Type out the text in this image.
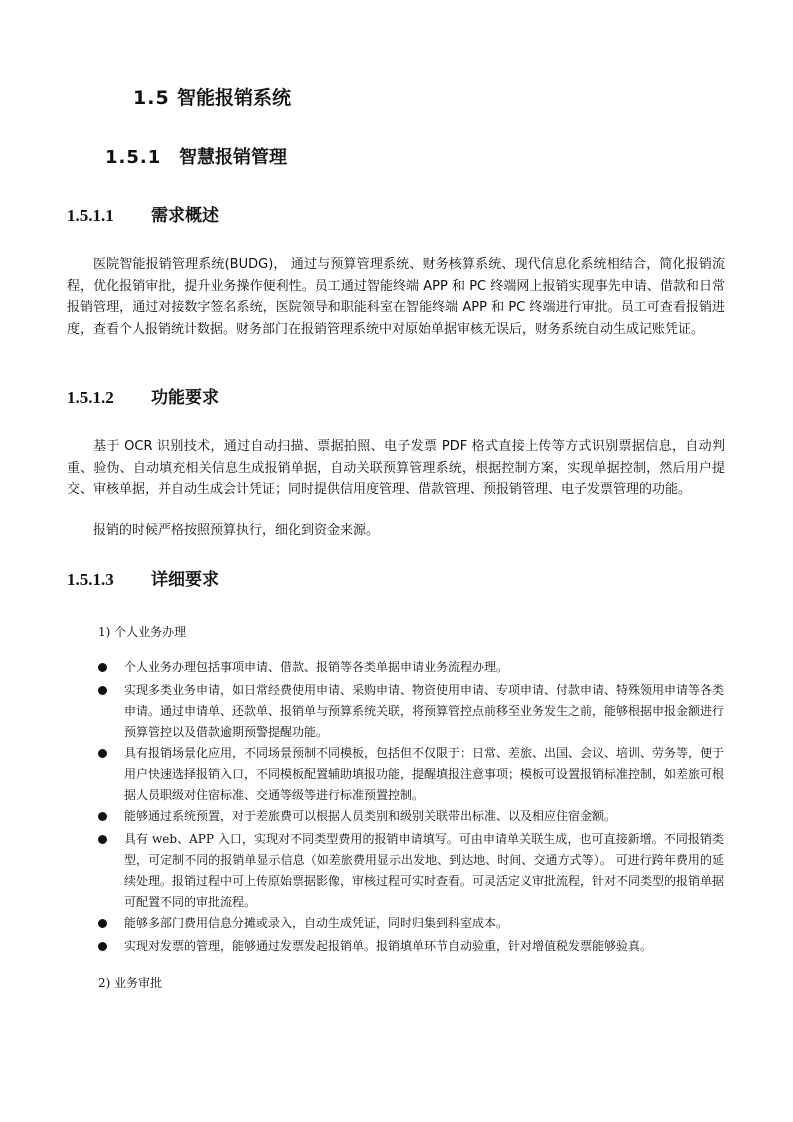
1.5 智能报销系统
1.5.1 智慧报销管理
1.5.1.1 需求概述

医院智能报销管理系统(BUDG)， 通过与预算管理系统、财务核算系统、现代信息化系统相结合，简化报销流程，优化报销审批，提升业务操作便利性。员工通过智能终端 APP 和 PC 终端网上报销实现事先申请、借款和日常报销管理，通过对接数字签名系统，医院领导和职能科室在智能终端 APP 和 PC 终端进行审批。员工可查看报销进度，查看个人报销统计数据。财务部门在报销管理系统中对原始单据审核无误后，财务系统自动生成记账凭证。

1.5.1.2 功能要求

基于 OCR 识别技术，通过自动扫描、票据拍照、电子发票 PDF 格式直接上传等方式识别票据信息，自动判重、验伪、自动填充相关信息生成报销单据，自动关联预算管理系统，根据控制方案，实现单据控制，然后用户提交、审核单据，并自动生成会计凭证；同时提供信用度管理、借款管理、预报销管理、电子发票管理的功能。

报销的时候严格按照预算执行，细化到资金来源。

1.5.1.3 详细要求
1) 个人业务办理

个人业务办理包括事项申请、借款、报销等各类单据申请业务流程办理。

实现多类业务申请，如日常经费使用申请、采购申请、物资使用申请、专项申请、付款申请、特殊领用申请等各类申请。通过申请单、还款单、报销单与预算系统关联，将预算管控点前移至业务发生之前，能够根据申报金额进行预算管控以及借款逾期预警提醒功能。

具有报销场景化应用，不同场景预制不同模板，包括但不仅限于：日常、差旅、出国、会议、培训、劳务等，便于用户快速选择报销入口，不同模板配置辅助填报功能，提醒填报注意事项；模板可设置报销标准控制，如差旅可根据人员职级对住宿标准、交通等级等进行标准预置控制。

能够通过系统预置，对于差旅费可以根据人员类别和级别关联带出标准、以及相应住宿金额。

具有 web、APP 入口，实现对不同类型费用的报销申请填写。可由申请单关联生成，也可直接新增。不同报销类型，可定制不同的报销单显示信息（如差旅费用显示出发地、到达地、时间、交通方式等）。 可进行跨年费用的延续处理。报销过程中可上传原始票据影像，审核过程可实时查看。可灵活定义审批流程，针对不同类型的报销单据可配置不同的审批流程。

能够多部门费用信息分摊或录入，自动生成凭证，同时归集到科室成本。

实现对发票的管理，能够通过发票发起报销单。报销填单环节自动验重，针对增值税发票能够验真。

2) 业务审批
